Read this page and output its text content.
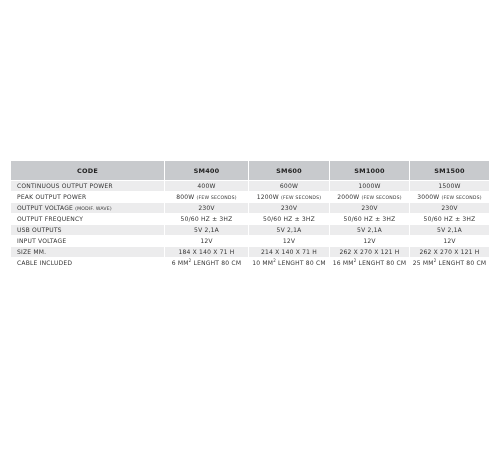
CODE	SM400	SM600	SM1000	SM1500
CONTINUOUS OUTPUT POWER	400W	600W	1000W	1500W
PEAK OUTPUT POWER	800W (FEW SECONDS)	1200W (FEW SECONDS)	2000W (FEW SECONDS)	3000W (FEW SECONDS)
OUTPUT VOLTAGE (MODIF. WAVE)	230V	230V	230V	230V
OUTPUT FREQUENCY	50/60 HZ ± 3HZ	50/60 HZ ± 3HZ	50/60 HZ ± 3HZ	50/60 HZ ± 3HZ
USB OUTPUTS	5V 2,1A	5V 2,1A	5V 2,1A	5V 2,1A
INPUT VOLTAGE	12V	12V	12V	12V
SIZE MM.	184 X 140 X 71 H	214 X 140 X 71 H	262 X 270 X 121 H	262 X 270 X 121 H
CABLE INCLUDED	6 $MM^2$ LENGHT 80 CM	10 $MM^2$ LENGHT 80 CM	16 $MM^2$ LENGHT 80 CM	25 $MM^2$ LENGHT 80 CM
